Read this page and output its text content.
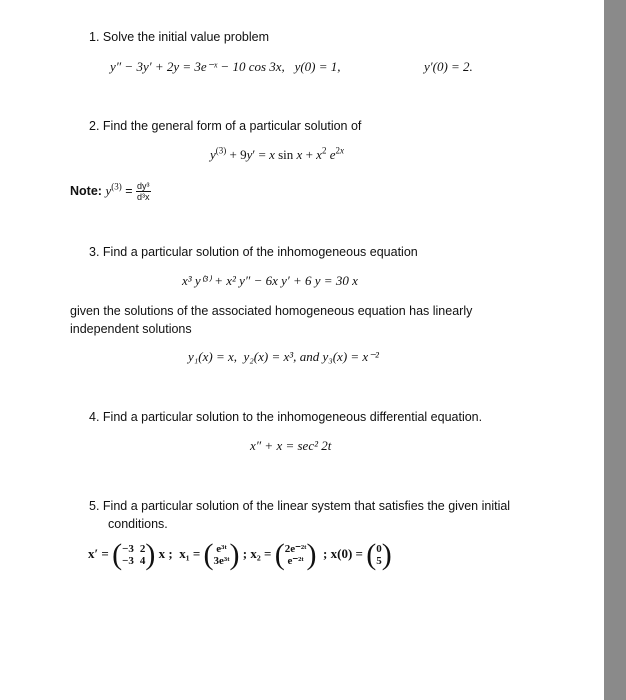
1. Solve the initial value problem
y″ − 3y′ + 2y = 3e⁻ˣ − 10 cos 3x, y(0) = 1,	y′(0) = 2.
2. Find the general form of a particular solution of
$y^{(3)} + 9y' = x$ $\sin x + x^2$ $e^{2x}$
Note: $y^{(3)} = \frac{\text{dy³}}{\text{d³x}}$
3. Find a particular solution of the inhomogeneous equation
x³ y⁽³⁾ + x² y″ − 6x y′ + 6 y = 30 x
given the solutions of the associated homogeneous equation has linearly
independent solutions
y₁(x) = x, y₂(x) = x³, and y₃(x) = x⁻²
4. Find a particular solution to the inhomogeneous differential equation.
x″ + x = sec² 2t
5. Find a particular solution of the linear system that satisfies the given initial
conditions.
x′ = ( −3 2
−3 4 ) x ; x₁ = ( e³ᵗ
3e³ᵗ ) ; x₂ = ( 2e⁻²ᵗ
e⁻²ᵗ ) ; x(0) = ( 0
5 )
